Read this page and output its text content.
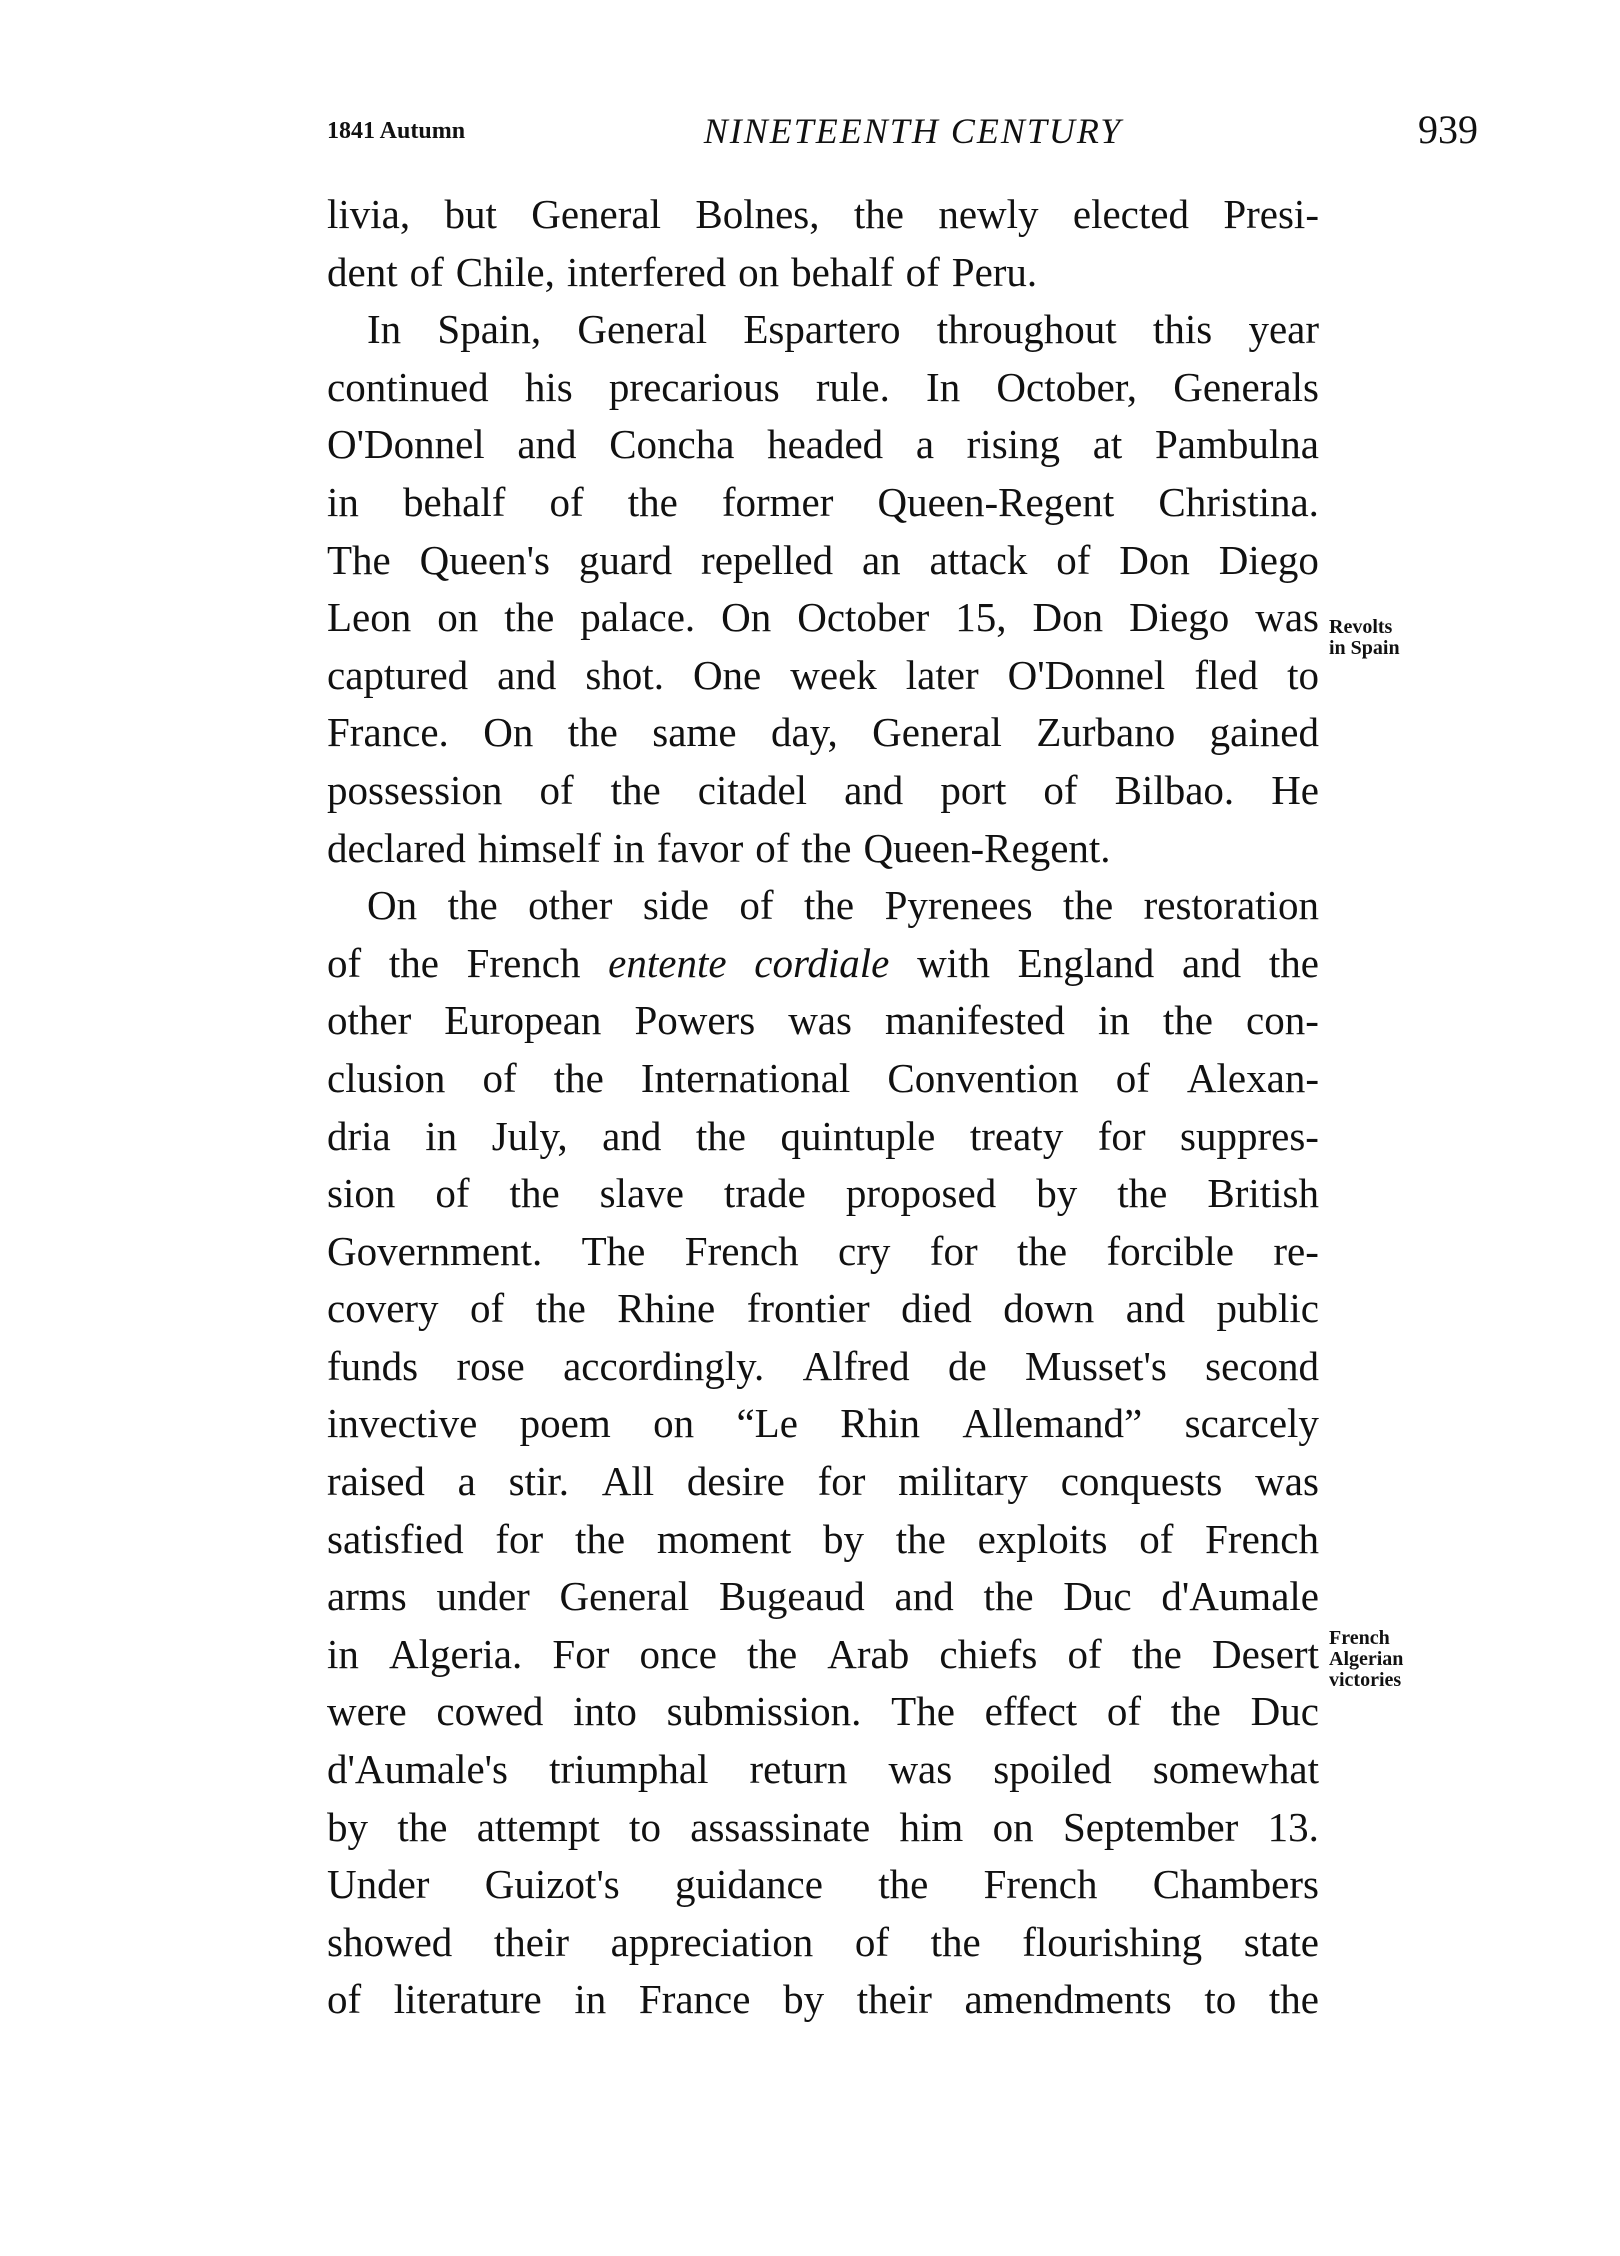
1841 Autumn	NINETEENTH CENTURY	939
livia, but General Bolnes, the newly elected Presi-
dent of Chile, interfered on behalf of Peru.
In Spain, General Espartero throughout this year
continued his precarious rule. In October, Generals
O'Donnel and Concha headed a rising at Pambulna
in behalf of the former Queen-Regent Christina.
The Queen's guard repelled an attack of Don Diego
Leon on the palace. On October 15, Don Diego was
captured and shot. One week later O'Donnel fled to
France. On the same day, General Zurbano gained
possession of the citadel and port of Bilbao. He
declared himself in favor of the Queen-Regent.
On the other side of the Pyrenees the restoration
of the French entente cordiale with England and the
other European Powers was manifested in the con-
clusion of the International Convention of Alexan-
dria in July, and the quintuple treaty for suppres-
sion of the slave trade proposed by the British
Government. The French cry for the forcible re-
covery of the Rhine frontier died down and public
funds rose accordingly. Alfred de Musset's second
invective poem on “Le Rhin Allemand” scarcely
raised a stir. All desire for military conquests was
satisfied for the moment by the exploits of French
arms under General Bugeaud and the Duc d'Aumale
in Algeria. For once the Arab chiefs of the Desert
were cowed into submission. The effect of the Duc
d'Aumale's triumphal return was spoiled somewhat
by the attempt to assassinate him on September 13.
Under Guizot's guidance the French Chambers
showed their appreciation of the flourishing state
of literature in France by their amendments to the
Revolts
in Spain
French
Algerian
victories
